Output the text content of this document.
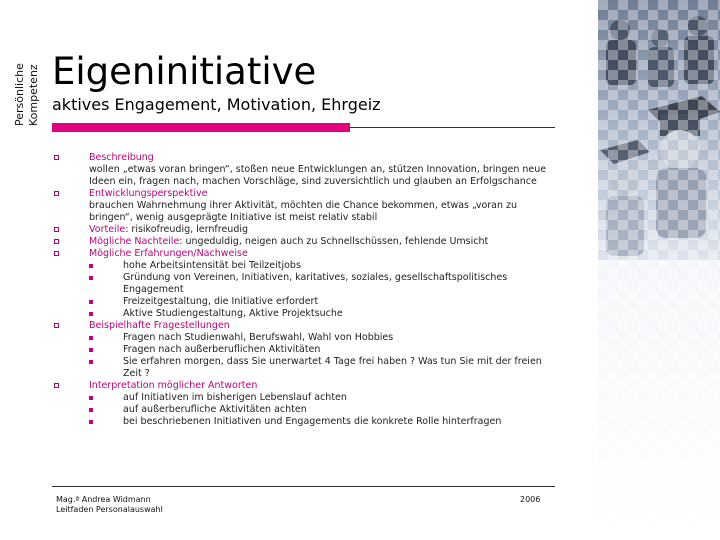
Persönliche Kompetenz Eigeninitiative
aktives Engagement, Motivation, Ehrgeiz
Beschreibung
wollen „etwas voran bringen“, stoßen neue Entwicklungen an, stützen Innovation, bringen neue Ideen ein, fragen nach, machen Vorschläge, sind zuversichtlich und glauben an Erfolgschance
Entwicklungsperspektive
brauchen Wahrnehmung ihrer Aktivität, möchten die Chance bekommen, etwas „voran zu bringen“, wenig ausgeprägte Initiative ist meist relativ stabil
Vorteile: risikofreudig, lernfreudig
Mögliche Nachteile: ungeduldig, neigen auch zu Schnellschüssen, fehlende Umsicht
Mögliche Erfahrungen/Nachweise
hohe Arbeitsintensität bei Teilzeitjobs
Gründung von Vereinen, Initiativen, karitatives, soziales, gesellschaftspolitisches Engagement
Freizeitgestaltung, die Initiative erfordert
Aktive Studiengestaltung, Aktive Projektsuche
Beispielhafte Fragestellungen
Fragen nach Studienwahl, Berufswahl, Wahl von Hobbies
Fragen nach außerberuflichen Aktivitäten
Sie erfahren morgen, dass Sie unerwartet 4 Tage frei haben ? Was tun Sie mit der freien Zeit ?
Interpretation möglicher Antworten
auf Initiativen im bisherigen Lebenslauf achten
auf außerberufliche Aktivitäten achten
bei beschriebenen Initiativen und Engagements die konkrete Rolle hinterfragen
Mag.ª Andrea Widmann
Leitfaden Personalauswahl
2006
